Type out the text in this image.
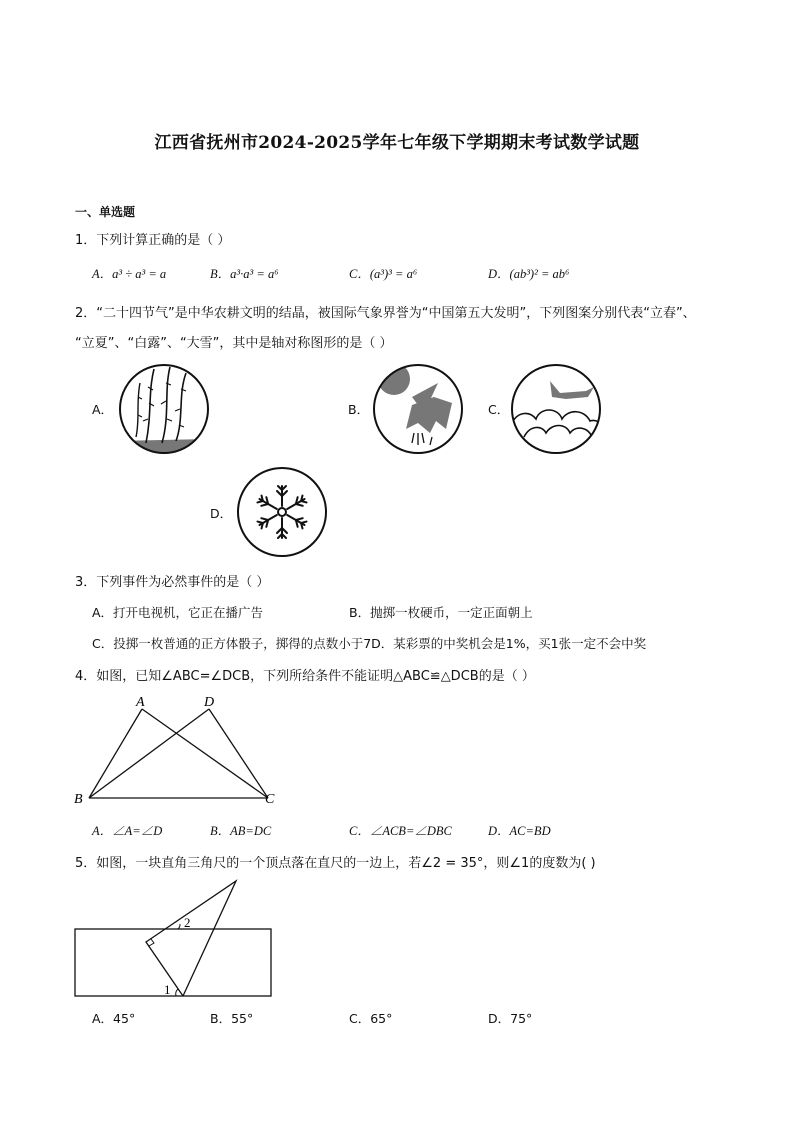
江西省抚州市2024-2025学年七年级下学期期末考试数学试题
一、单选题
1．下列计算正确的是（ ）
A．a³ ÷ a³ = a	B．a³·a³ = a⁶	C．(a³)³ = a⁶	D．(ab³)² = ab⁶
2．“二十四节气”是中华农耕文明的结晶，被国际气象界誉为“中国第五大发明”，下列图案分别代表“立春”、
“立夏”、“白露”、“大雪”，其中是轴对称图形的是（ ）
A．	B．	C．
D．
3．下列事件为必然事件的是（ ）
A．打开电视机，它正在播广告	B．抛掷一枚硬币，一定正面朝上
C．投掷一枚普通的正方体骰子，掷得的点数小于7D．某彩票的中奖机会是1%，买1张一定不会中奖
4．如图，已知∠ABC=∠DCB，下列所给条件不能证明△ABC≌△DCB的是（ ）
A	D
B	C
A．∠A=∠D	B．AB=DC	C．∠ACB=∠DBC	D．AC=BD
5．如图，一块直角三角尺的一个顶点落在直尺的一边上，若∠2 = 35°，则∠1的度数为( )
1
2
A．45°	B．55°	C．65°	D．75°
